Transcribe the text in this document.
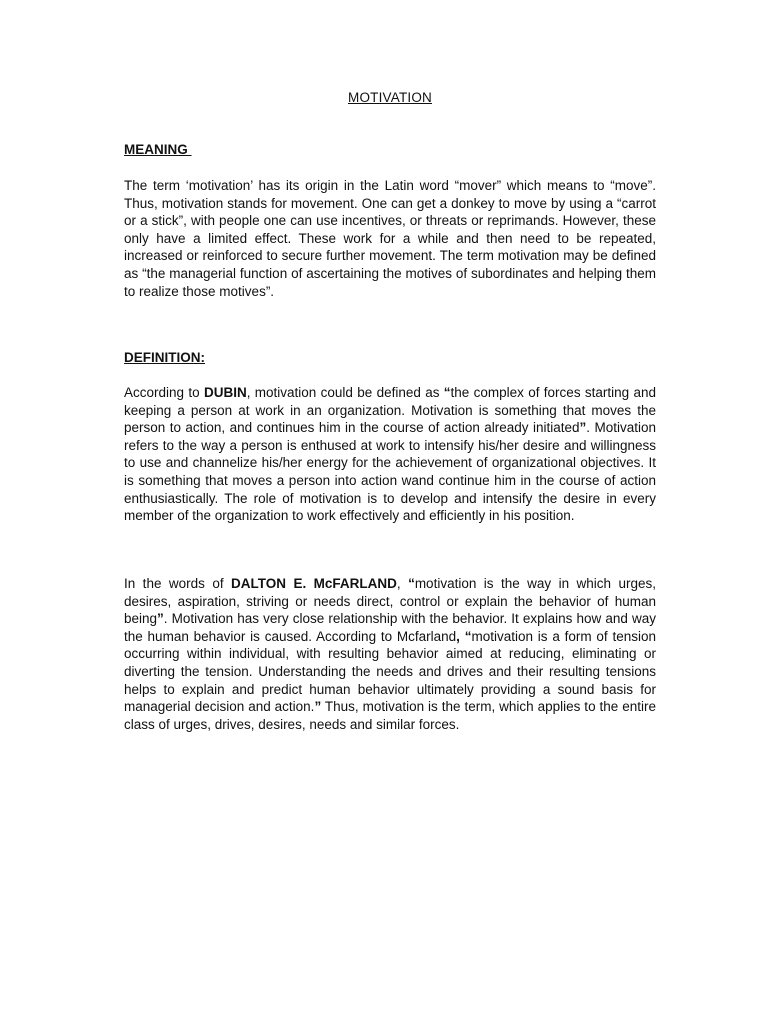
MOTIVATION
MEANING

The term ‘motivation’ has its origin in the Latin word “mover” which means to “move”. Thus, motivation stands for movement. One can get a donkey to move by using a “carrot or a stick”, with people one can use incentives, or threats or reprimands. However, these only have a limited effect. These work for a while and then need to be repeated, increased or reinforced to secure further movement. The term motivation may be defined as “the managerial function of ascertaining the motives of subordinates and helping them to realize those motives”.

DEFINITION:

According to DUBIN, motivation could be defined as “the complex of forces starting and keeping a person at work in an organization. Motivation is something that moves the person to action, and continues him in the course of action already initiated”. Motivation refers to the way a person is enthused at work to intensify his/her desire and willingness to use and channelize his/her energy for the achievement of organizational objectives. It is something that moves a person into action wand continue him in the course of action enthusiastically. The role of motivation is to develop and intensify the desire in every member of the organization to work effectively and efficiently in his position.

In the words of DALTON E. McFARLAND, “motivation is the way in which urges, desires, aspiration, striving or needs direct, control or explain the behavior of human being”. Motivation has very close relationship with the behavior. It explains how and way the human behavior is caused. According to Mcfarland, “motivation is a form of tension occurring within individual, with resulting behavior aimed at reducing, eliminating or diverting the tension. Understanding the needs and drives and their resulting tensions helps to explain and predict human behavior ultimately providing a sound basis for managerial decision and action.” Thus, motivation is the term, which applies to the entire class of urges, drives, desires, needs and similar forces.
